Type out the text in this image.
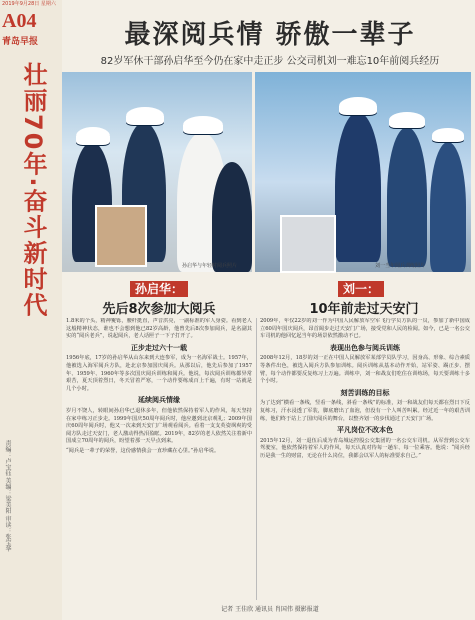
2019年9月28日 星期六
A04
青岛早报
壮丽70年·奋斗新时代
责编：卢宝钰 美编：梁美阳 审读：张宝华
最深阅兵情 骄傲一辈子
82岁军休干部孙启华至今仍在家中走正步 公交司机刘一难忘10年前阅兵经历
孙启华与年轻时阅兵照片	刘一当年阅兵训练照片
孙启华：	刘一：
先后8次参加大阅兵	10年前走过天安门

1.8米的个头，精神矍铄，腰杆挺直，声音洪亮，一副标准的军人身姿。看到老人这般精神状态，谁也不会想到他已82岁高龄，他曾先后8次参加阅兵，是名副其实的“阅兵老兵”，说起阅兵，老人话匣子一下子打开了。

正步走过六十一载

1956年底，17岁的孙启华从山东来到大连参军，成为一名海军战士。1957年，他被选入海军阅兵方队，赴北京参加国庆阅兵。从那以后，他先后参加了1957年、1959年、1960年等多次国庆阅兵训练和阅兵。他说，每次阅兵训练都异常艰苦，夏天顶着烈日，冬天冒着严寒，一个动作要练成百上千遍，有时一站就是几个小时。

延续阅兵情缘

岁月不饶人，转眼间孙启华已退休多年，但他依然保持着军人的作风，每天坚持在家中练习正步走。1999年国庆50周年阅兵时，他应邀到北京观礼；2009年国庆60周年阅兵时，他又一次来到天安门广场观看阅兵。看着一支支英姿飒爽的受阅方队走过天安门，老人激动得热泪盈眶。2019年，82岁的老人依然关注着新中国成立70周年的阅兵，盼望着那一天早点到来。

“阅兵是一辈子的荣誉，这份感情我会一直珍藏在心里。”孙启华说。

2009年，年仅22岁的刘一作为中国人民解放军空军飞行学员方队的一员，参加了新中国成立60周年国庆阅兵，昂首阔步走过天安门广场，接受党和人民的检阅。如今，已是一名公交车司机的他回忆起当年的场景依然激动不已。

表现出色参与阅兵训练

2008年12月，18岁的刘一正在中国人民解放军某部学员队学习，因身高、形象、综合素质等条件出色，被选入阅兵方队参加训练。阅兵训练从基本动作开始，站军姿、踢正步、摆臂，每个动作都要反复练习上万遍。训练中，刘一和战友们吃住在训练场，每天要训练十多个小时。

刻苦训练的目标

为了达到“横看一条线，竖看一条线，斜看一条线”的标准，刘一和战友们每天都在烈日下反复练习，汗水浸透了军装，脚底磨出了血泡，但没有一个人叫苦叫累。经过近一年的艰苦训练，他们终于站上了国庆阅兵的舞台，以整齐划一的步伐通过了天安门广场。

平凡岗位不改本色

2015年12月，刘一退伍后成为青岛城运控股公交集团的一名公交车司机。从军营到公交车驾驶室，他依然保持着军人的作风，每天认真对待每一趟车、每一位乘客。他说：“阅兵经历是我一生的财富，无论在什么岗位，我都会以军人的标准要求自己。”

记者 王佳欣 通讯员 肖国伟 摄影报道
